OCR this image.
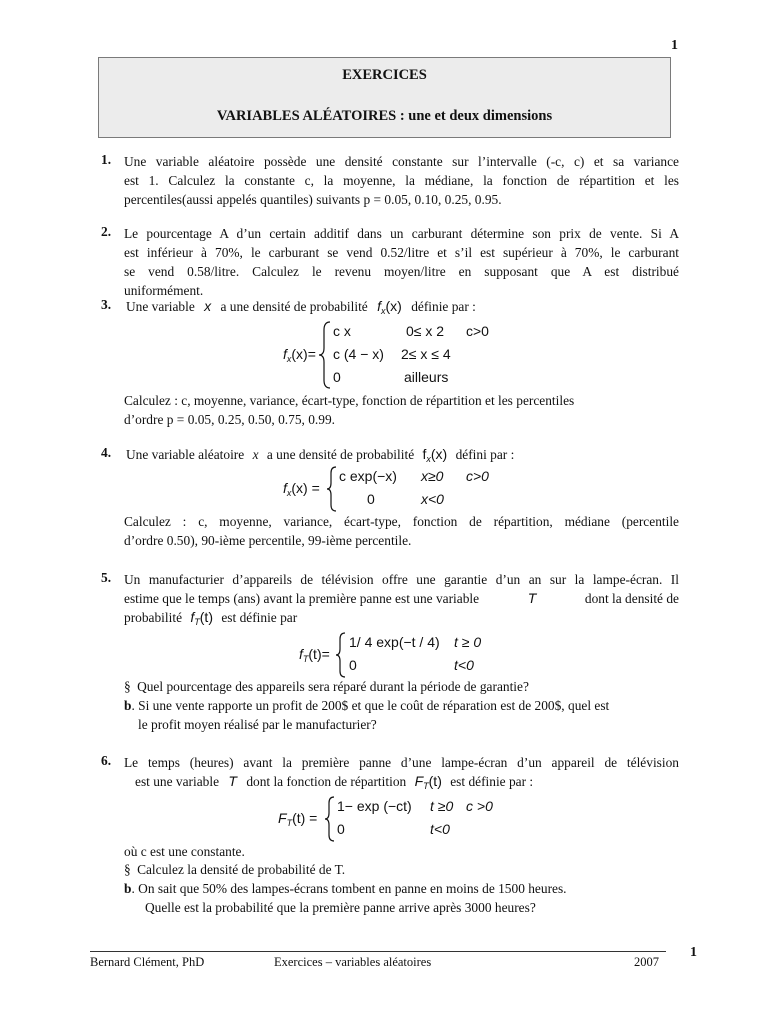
1
EXERCICES
VARIABLES ALÉATOIRES : une et deux dimensions
1. Une variable aléatoire possède une densité constante sur l’intervalle (-c, c) et sa variance
est 1. Calculez la constante c, la moyenne, la médiane, la fonction de répartition et les
percentiles(aussi appelés quantiles) suivants p = 0.05, 0.10, 0.25, 0.95.
2. Le pourcentage A d’un certain additif dans un carburant détermine son prix de vente. Si A
est inférieur à 70%, le carburant se vend 0.52/litre et s’il est supérieur à 70%, le carburant
se vend 0.58/litre. Calculez le revenu moyen/litre en supposant que A est distribué
uniformément.
3. Une variable x a une densité de probabilité $f_x(x)$ définie par :
$f_x(x)=$
c x	0≤ x 2 c>0
c (4 − x) 2≤ x ≤ 4
0	ailleurs
Calculez : c, moyenne, variance, écart-type, fonction de répartition et les percentiles
d’ordre p = 0.05, 0.25, 0.50, 0.75, 0.99.
4. Une variable aléatoire x a une densité de probabilité $f_x(x)$ défini par :
$f_x(x)$ =
c exp(−x) x≥0 c>0
0	x<0
Calculez : c, moyenne, variance, écart-type, fonction de répartition, médiane (percentile
d’ordre 0.50), 90-ième percentile, 99-ième percentile.
5. Un manufacturier d’appareils de télévision offre une garantie d’un an sur la lampe-écran. Il
estime que le temps (ans) avant la première panne est une variable	T	dont la densité de
probabilité $f_T(t)$ est définie par
$f_T(t)=$
1/ 4 exp(−t / 4) t ≥ 0
0	t<0
§ Quel pourcentage des appareils sera réparé durant la période de garantie?
b. Si une vente rapporte un profit de 200$ et que le coût de réparation est de 200$, quel est
le profit moyen réalisé par le manufacturier?
6. Le temps (heures) avant la première panne d’une lampe-écran d’un appareil de télévision
est une variable T dont la fonction de répartition $F_T(t)$ est définie par :
$F_T(t)$ =
1− exp (−ct) t ≥0 c >0
0	t<0
où c est une constante.
§ Calculez la densité de probabilité de T.
b. On sait que 50% des lampes-écrans tombent en panne en moins de 1500 heures.
Quelle est la probabilité que la première panne arrive après 3000 heures?
Bernard Clément, PhD	Exercices – variables aléatoires	2007
1
